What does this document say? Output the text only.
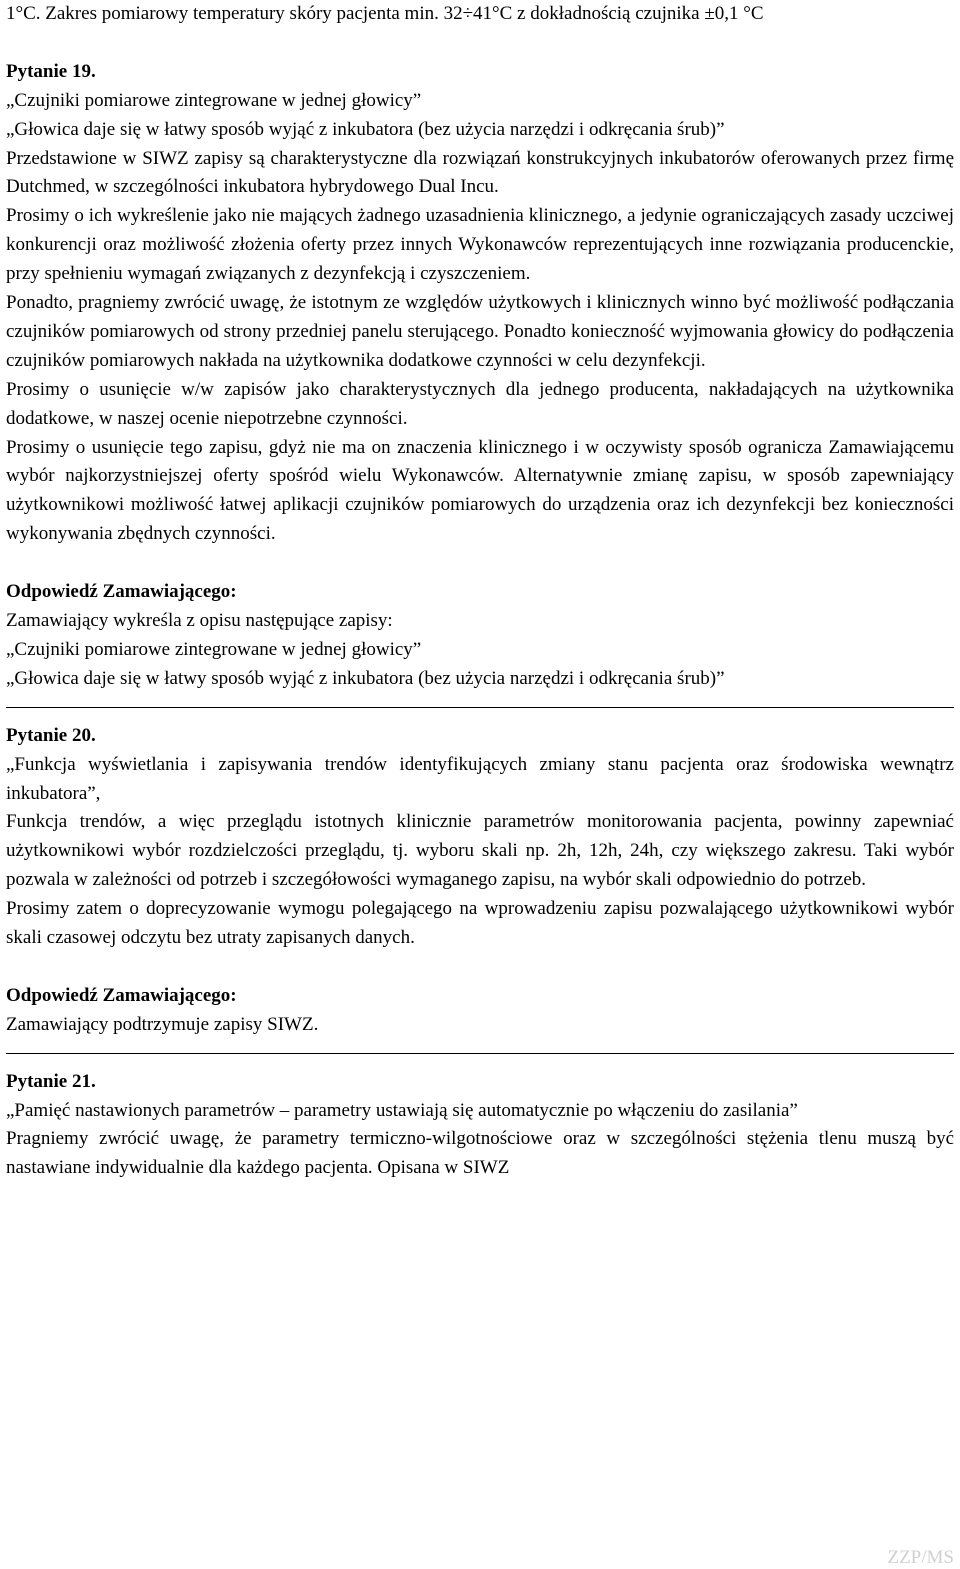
1°C. Zakres pomiarowy temperatury skóry pacjenta min. 32÷41°C z dokładnością czujnika ±0,1 °C

Pytanie 19.

„Czujniki pomiarowe zintegrowane w jednej głowicy”

„Głowica daje się w łatwy sposób wyjąć z inkubatora (bez użycia narzędzi i odkręcania śrub)”

Przedstawione w SIWZ zapisy są charakterystyczne dla rozwiązań konstrukcyjnych inkubatorów oferowanych przez firmę Dutchmed, w szczególności inkubatora hybrydowego Dual Incu.

Prosimy o ich wykreślenie jako nie mających żadnego uzasadnienia klinicznego, a jedynie ograniczających zasady uczciwej konkurencji oraz możliwość złożenia oferty przez innych Wykonawców reprezentujących inne rozwiązania producenckie, przy spełnieniu wymagań związanych z dezynfekcją i czyszczeniem.

Ponadto, pragniemy zwrócić uwagę, że istotnym ze względów użytkowych i klinicznych winno być możliwość podłączania czujników pomiarowych od strony przedniej panelu sterującego. Ponadto konieczność wyjmowania głowicy do podłączenia czujników pomiarowych nakłada na użytkownika dodatkowe czynności w celu dezynfekcji.

Prosimy o usunięcie w/w zapisów jako charakterystycznych dla jednego producenta, nakładających na użytkownika dodatkowe, w naszej ocenie niepotrzebne czynności.

Prosimy o usunięcie tego zapisu, gdyż nie ma on znaczenia klinicznego i w oczywisty sposób ogranicza Zamawiającemu wybór najkorzystniejszej oferty spośród wielu Wykonawców. Alternatywnie zmianę zapisu, w sposób zapewniający użytkownikowi możliwość łatwej aplikacji czujników pomiarowych do urządzenia oraz ich dezynfekcji bez konieczności wykonywania zbędnych czynności.

Odpowiedź Zamawiającego:

Zamawiający wykreśla z opisu następujące zapisy:

„Czujniki pomiarowe zintegrowane w jednej głowicy”

„Głowica daje się w łatwy sposób wyjąć z inkubatora (bez użycia narzędzi i odkręcania śrub)”

Pytanie 20.

„Funkcja wyświetlania i zapisywania trendów identyfikujących zmiany stanu pacjenta oraz środowiska wewnątrz inkubatora”,

Funkcja trendów, a więc przeglądu istotnych klinicznie parametrów monitorowania pacjenta, powinny zapewniać użytkownikowi wybór rozdzielczości przeglądu, tj. wyboru skali np. 2h, 12h, 24h, czy większego zakresu. Taki wybór pozwala w zależności od potrzeb i szczegółowości wymaganego zapisu, na wybór skali odpowiednio do potrzeb.

Prosimy zatem o doprecyzowanie wymogu polegającego na wprowadzeniu zapisu pozwalającego użytkownikowi wybór skali czasowej odczytu bez utraty zapisanych danych.

Odpowiedź Zamawiającego:

Zamawiający podtrzymuje zapisy SIWZ.

Pytanie 21.

„Pamięć nastawionych parametrów – parametry ustawiają się automatycznie po włączeniu do zasilania”

Pragniemy zwrócić uwagę, że parametry termiczno-wilgotnościowe oraz w szczególności stężenia tlenu muszą być nastawiane indywidualnie dla każdego pacjenta. Opisana w SIWZ

ZZP/MS
